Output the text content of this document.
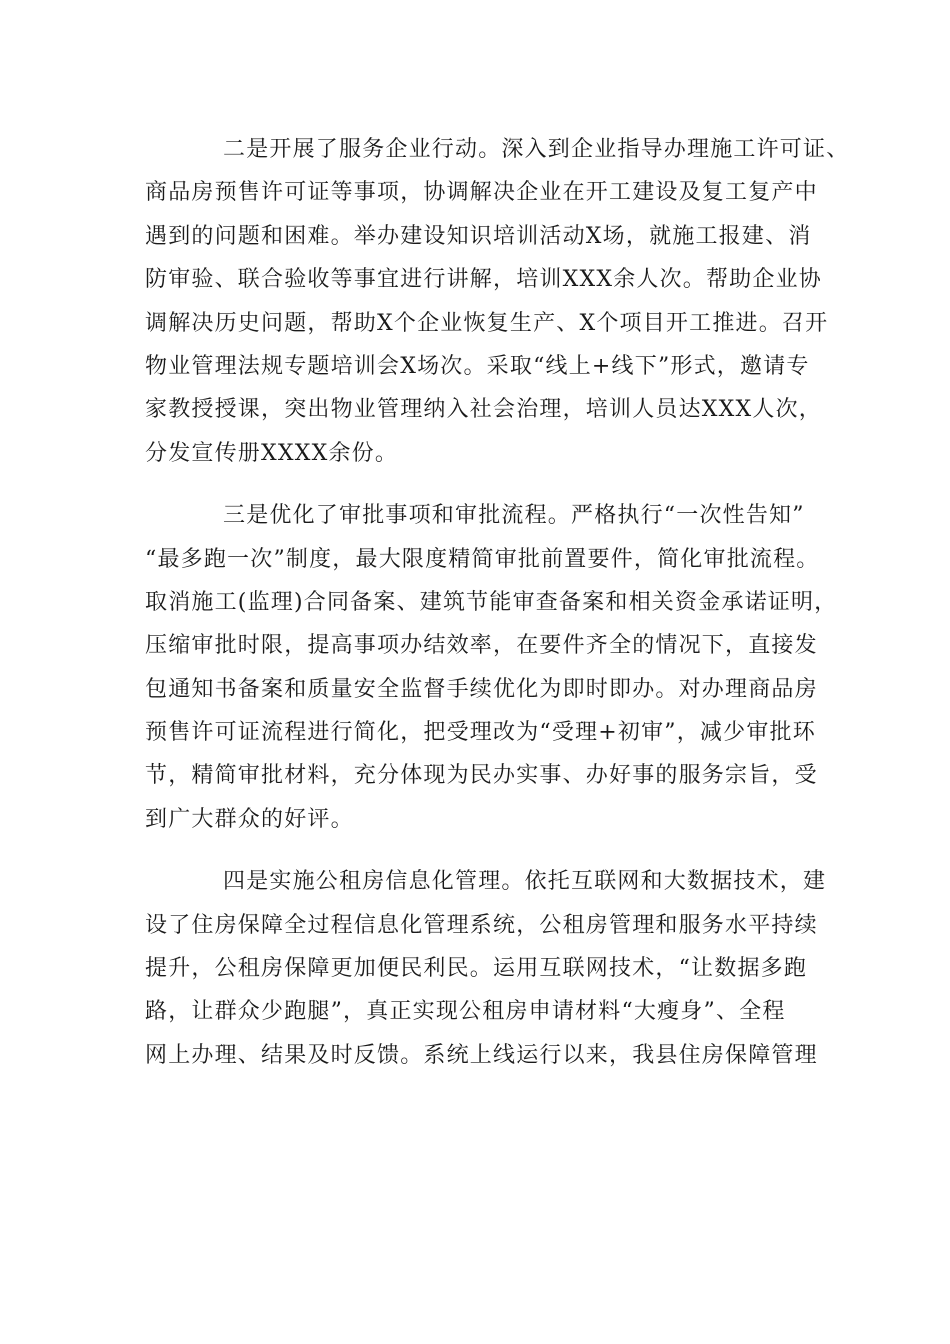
二是开展了服务企业行动。深入到企业指导办理施工许可证、
商品房预售许可证等事项，协调解决企业在开工建设及复工复产中
遇到的问题和困难。举办建设知识培训活动X场，就施工报建、消
防审验、联合验收等事宜进行讲解，培训XXX余人次。帮助企业协
调解决历史问题，帮助X个企业恢复生产、X个项目开工推进。召开
物业管理法规专题培训会X场次。采取“线上+线下”形式，邀请专
家教授授课，突出物业管理纳入社会治理，培训人员达XXX人次，
分发宣传册XXXX余份。

三是优化了审批事项和审批流程。严格执行“一次性告知”
“最多跑一次”制度，最大限度精简审批前置要件，简化审批流程。
取消施工(监理)合同备案、建筑节能审查备案和相关资金承诺证明，
压缩审批时限，提高事项办结效率，在要件齐全的情况下，直接发
包通知书备案和质量安全监督手续优化为即时即办。对办理商品房
预售许可证流程进行简化，把受理改为“受理+初审”，减少审批环
节，精简审批材料，充分体现为民办实事、办好事的服务宗旨，受
到广大群众的好评。

四是实施公租房信息化管理。依托互联网和大数据技术，建
设了住房保障全过程信息化管理系统，公租房管理和服务水平持续
提升，公租房保障更加便民利民。运用互联网技术，“让数据多跑
路，让群众少跑腿”，真正实现公租房申请材料“大瘦身”、全程
网上办理、结果及时反馈。系统上线运行以来，我县住房保障管理
